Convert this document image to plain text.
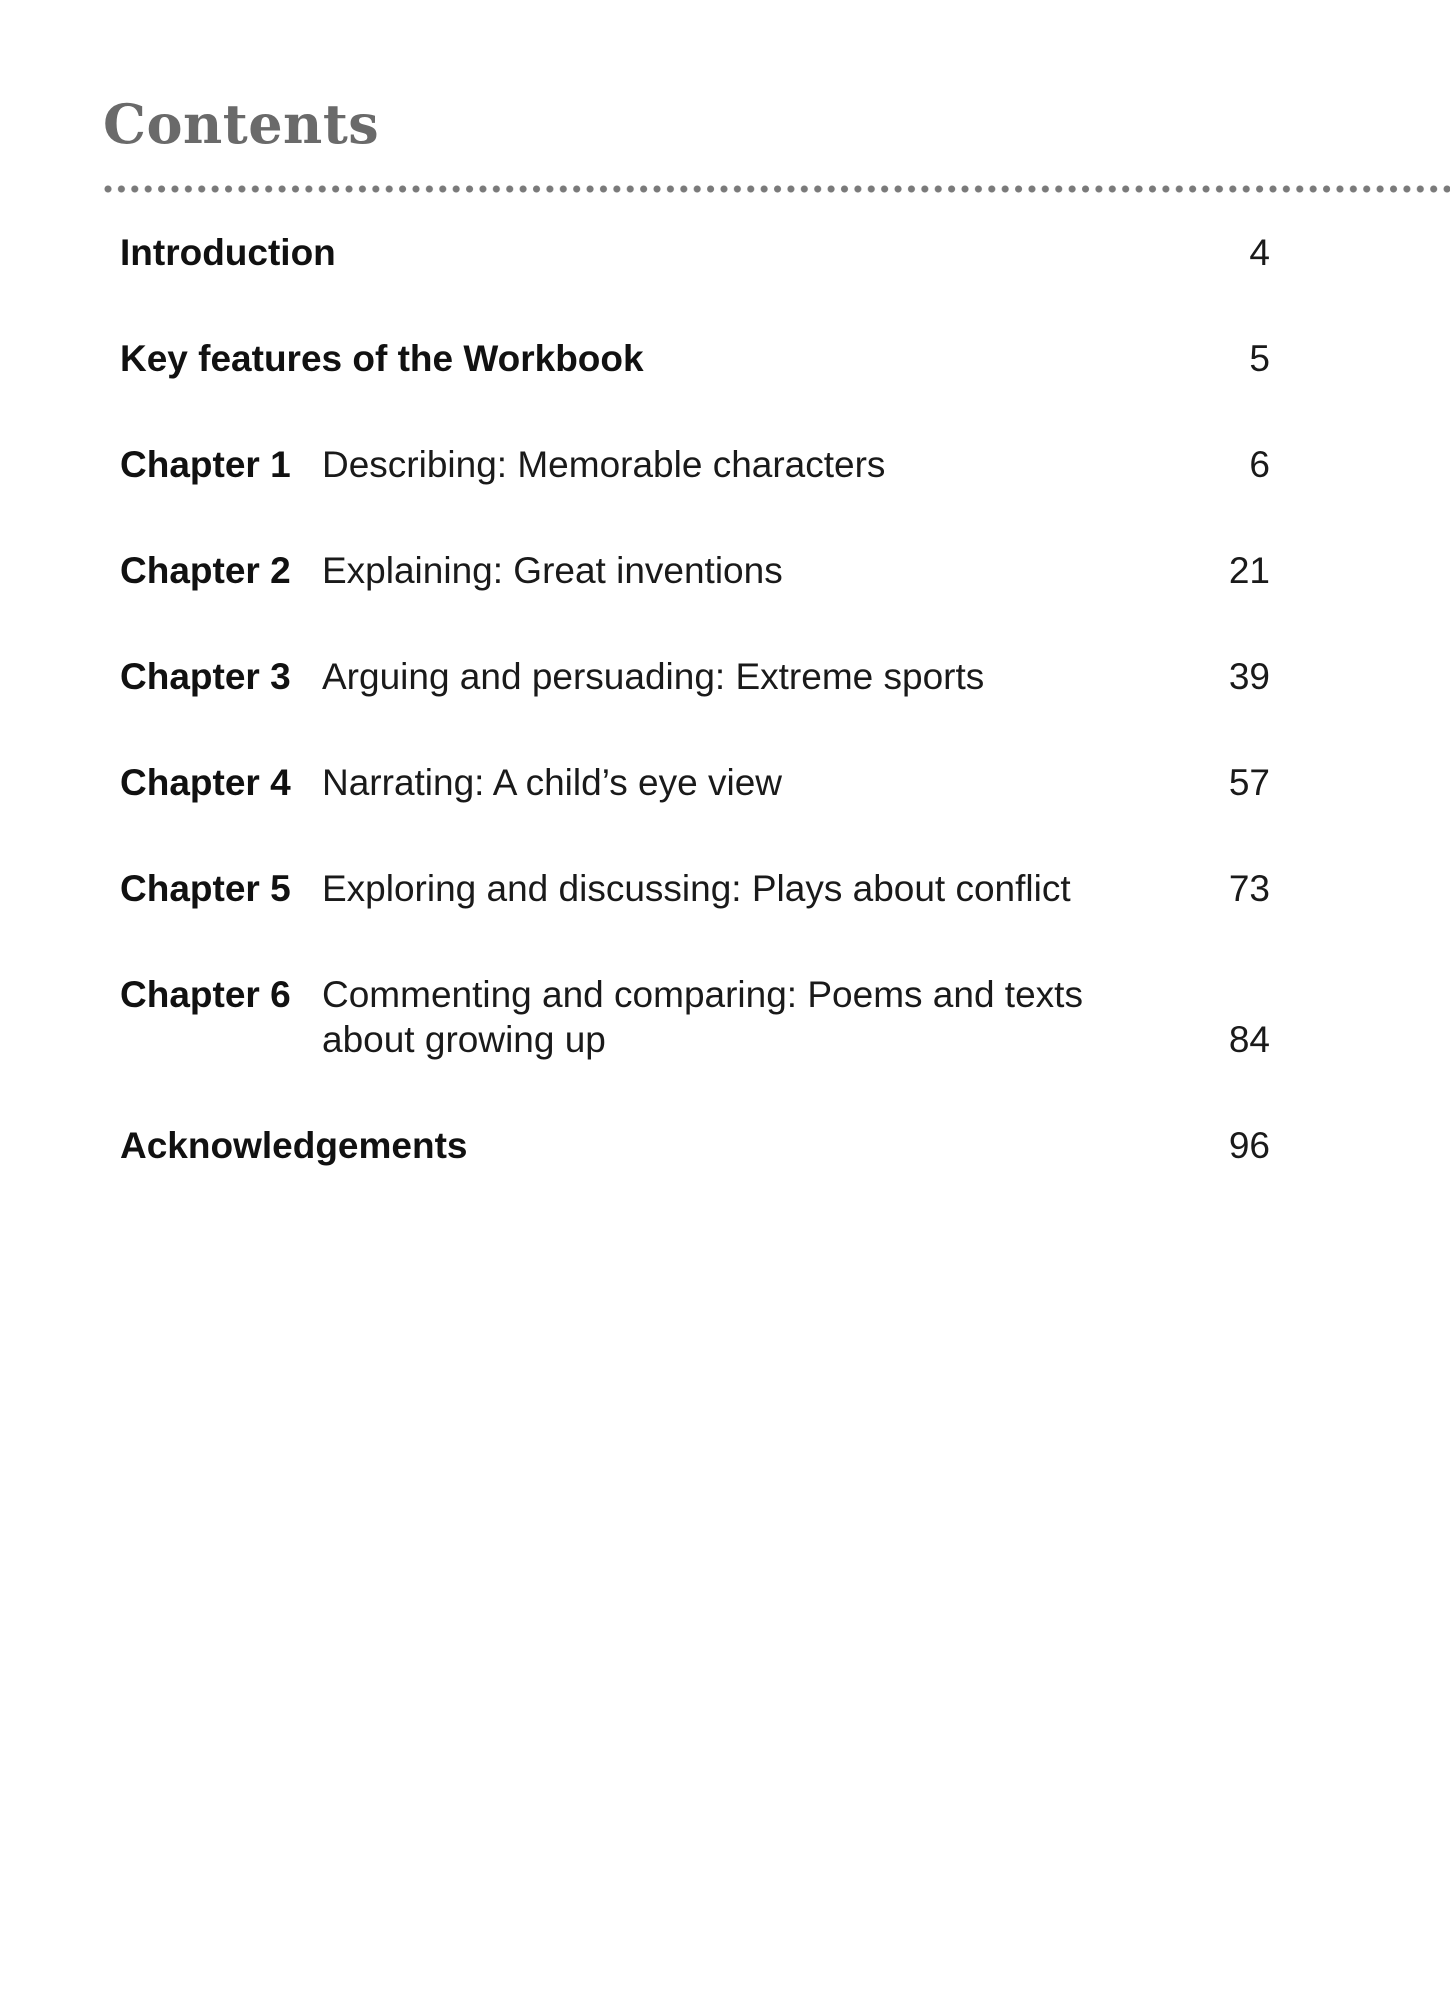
Contents
Introduction	4
Key features of the Workbook	5
Chapter 1 Describing: Memorable characters	6
Chapter 2 Explaining: Great inventions	21
Chapter 3 Arguing and persuading: Extreme sports	39
Chapter 4 Narrating: A child’s eye view	57
Chapter 5 Exploring and discussing: Plays about conflict	73
Chapter 6 Commenting and comparing: Poems and texts
about growing up	84
Acknowledgements	96
